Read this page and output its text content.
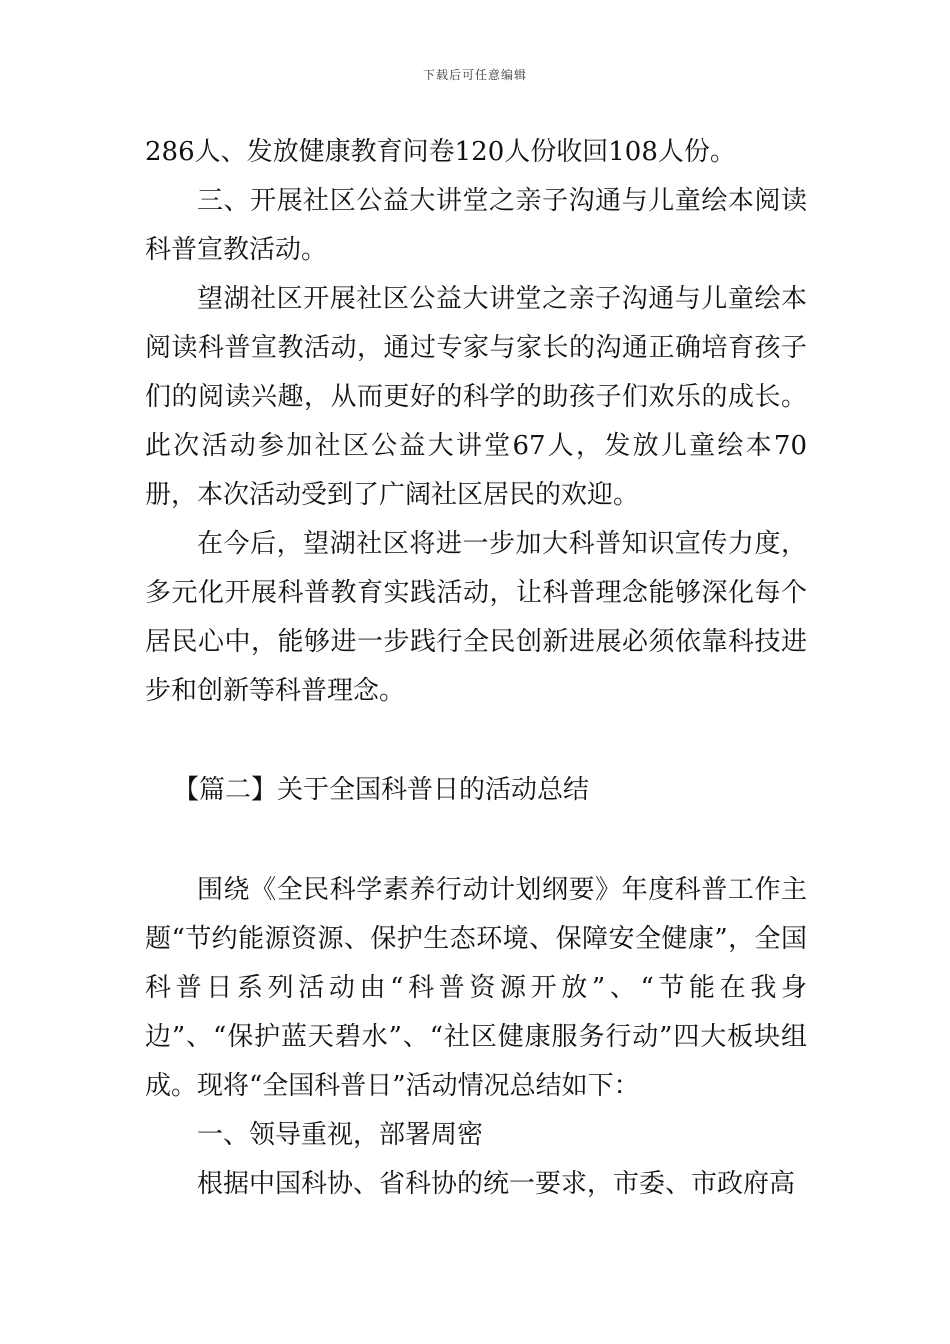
下载后可任意编辑

286人、发放健康教育问卷120人份收回108人份。

三、开展社区公益大讲堂之亲子沟通与儿童绘本阅读科普宣教活动。

望湖社区开展社区公益大讲堂之亲子沟通与儿童绘本阅读科普宣教活动，通过专家与家长的沟通正确培育孩子们的阅读兴趣，从而更好的科学的助孩子们欢乐的成长。此次活动参加社区公益大讲堂67人，发放儿童绘本70册，本次活动受到了广阔社区居民的欢迎。

在今后，望湖社区将进一步加大科普知识宣传力度，多元化开展科普教育实践活动，让科普理念能够深化每个居民心中，能够进一步践行全民创新进展必须依靠科技进步和创新等科普理念。

【篇二】关于全国科普日的活动总结

围绕《全民科学素养行动计划纲要》年度科普工作主题“节约能源资源、保护生态环境、保障安全健康”，全国科普日系列活动由“科普资源开放”、“节能在我身边”、“保护蓝天碧水”、“社区健康服务行动”四大板块组成。现将“全国科普日”活动情况总结如下：

一、领导重视，部署周密

根据中国科协、省科协的统一要求，市委、市政府高
